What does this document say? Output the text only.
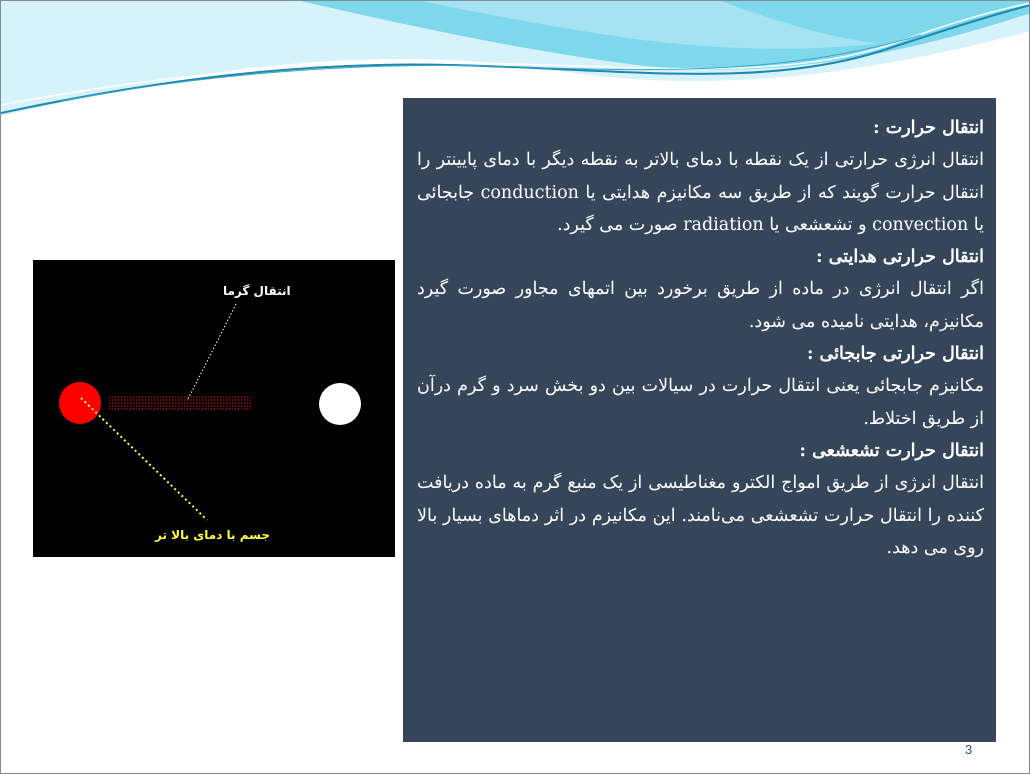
انتقال گرما
جسم با دمای بالا تر

انتقال حرارت :

انتقال انرژی حرارتی از یک نقطه با دمای بالاتر به نقطه دیگر با دمای پایینتر را انتقال حرارت گویند که از طریق سه مکانیزم هدایتی یا conduction جابجائی یا convection و تشعشعی یا radiation صورت می گیرد.

انتقال حرارتی هدایتی :

اگر انتقال انرژی در ماده از طریق برخورد بین اتمهای مجاور صورت گیرد مکانیزم، هدایتی نامیده می شود.

انتقال حرارتی جابجائی :

مکانیزم جابجائی یعنی انتقال حرارت در سیالات بین دو بخش سرد و گرم درآن از طریق اختلاط.

انتقال حرارت تشعشعی :

انتقال انرژی از طریق امواج الکترو مغناطیسی از یک منبع گرم به ماده دریافت کننده را انتقال حرارت تشعشعی می‌نامند. این مکانیزم در اثر دماهای بسیار بالا روی می دهد.

3
